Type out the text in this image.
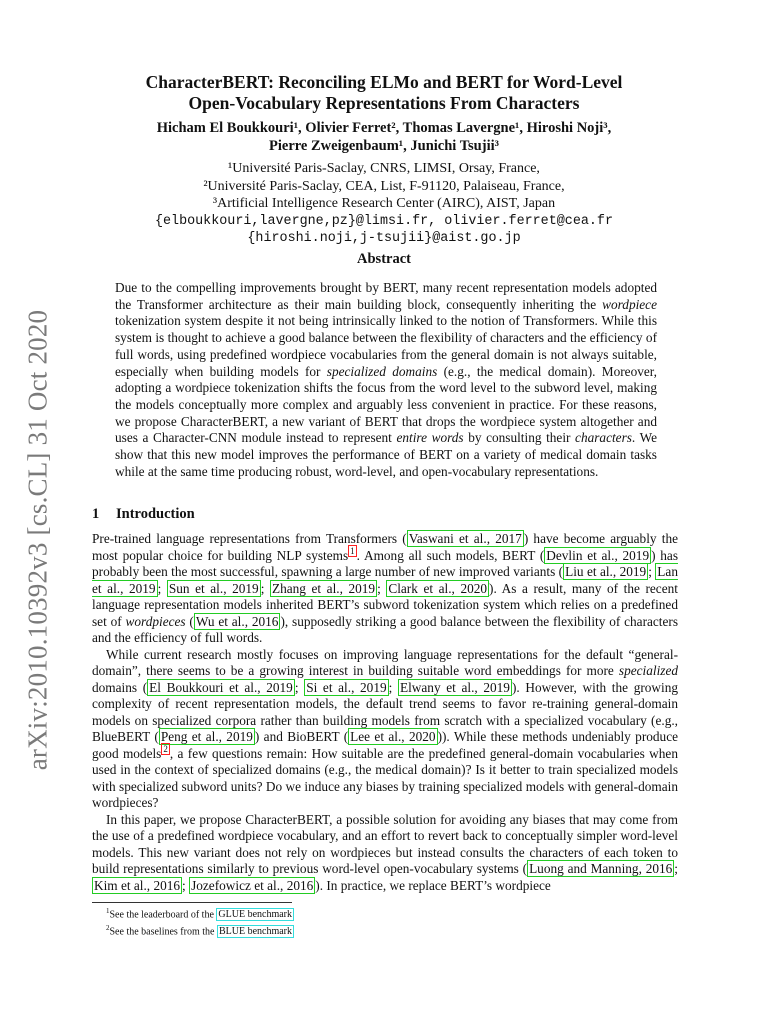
arXiv:2010.10392v3 [cs.CL] 31 Oct 2020
CharacterBERT: Reconciling ELMo and BERT for Word-Level
Open-Vocabulary Representations From Characters
Hicham El Boukkouri¹, Olivier Ferret², Thomas Lavergne¹, Hiroshi Noji³,
Pierre Zweigenbaum¹, Junichi Tsujii³
¹Université Paris-Saclay, CNRS, LIMSI, Orsay, France,
²Université Paris-Saclay, CEA, List, F-91120, Palaiseau, France,
³Artificial Intelligence Research Center (AIRC), AIST, Japan
{elboukkouri,lavergne,pz}@limsi.fr, olivier.ferret@cea.fr
{hiroshi.noji,j-tsujii}@aist.go.jp
Abstract
Due to the compelling improvements brought by BERT, many recent representation models adopted the Transformer architecture as their main building block, consequently inheriting the wordpiece tokenization system despite it not being intrinsically linked to the notion of Transformers. While this system is thought to achieve a good balance between the flexibility of characters and the efficiency of full words, using predefined wordpiece vocabularies from the general domain is not always suitable, especially when building models for specialized domains (e.g., the medical domain). Moreover, adopting a wordpiece tokenization shifts the focus from the word level to the subword level, making the models conceptually more complex and arguably less convenient in practice. For these reasons, we propose CharacterBERT, a new variant of BERT that drops the wordpiece system altogether and uses a Character-CNN module instead to represent entire words by consulting their characters. We show that this new model improves the performance of BERT on a variety of medical domain tasks while at the same time producing robust, word-level, and open-vocabulary representations.
1 Introduction

Pre-trained language representations from Transformers ( Vaswani et al., 2017 ) have become arguably the most popular choice for building NLP systems $^1$ . Among all such models, BERT ( Devlin et al., 2019 ) has probably been the most successful, spawning a large number of new improved variants ( Liu et al., 2019 ; Lan et al., 2019 ; Sun et al., 2019 ; Zhang et al., 2019 ; Clark et al., 2020 ). As a result, many of the recent language representation models inherited BERT’s subword tokenization system which relies on a predefined set of wordpieces ( Wu et al., 2016 ), supposedly striking a good balance between the flexibility of characters and the efficiency of full words.

While current research mostly focuses on improving language representations for the default “general-domain”, there seems to be a growing interest in building suitable word embeddings for more specialized domains ( El Boukkouri et al., 2019 ; Si et al., 2019 ; Elwany et al., 2019 ). However, with the growing complexity of recent representation models, the default trend seems to favor re-training general-domain models on specialized corpora rather than building models from scratch with a specialized vocabulary (e.g., BlueBERT ( Peng et al., 2019 ) and BioBERT ( Lee et al., 2020 )). While these methods undeniably produce good models $^2$ , a few questions remain: How suitable are the predefined general-domain vocabularies when used in the context of specialized domains (e.g., the medical domain)? Is it better to train specialized models with specialized subword units? Do we induce any biases by training specialized models with general-domain wordpieces?

In this paper, we propose CharacterBERT, a possible solution for avoiding any biases that may come from the use of a predefined wordpiece vocabulary, and an effort to revert back to conceptually simpler word-level models. This new variant does not rely on wordpieces but instead consults the characters of each token to build representations similarly to previous word-level open-vocabulary systems ( Luong and Manning, 2016 ; Kim et al., 2016 ; Jozefowicz et al., 2016 ). In practice, we replace BERT’s wordpiece

$^1$See the leaderboard of the GLUE benchmark

$^2$See the baselines from the BLUE benchmark
